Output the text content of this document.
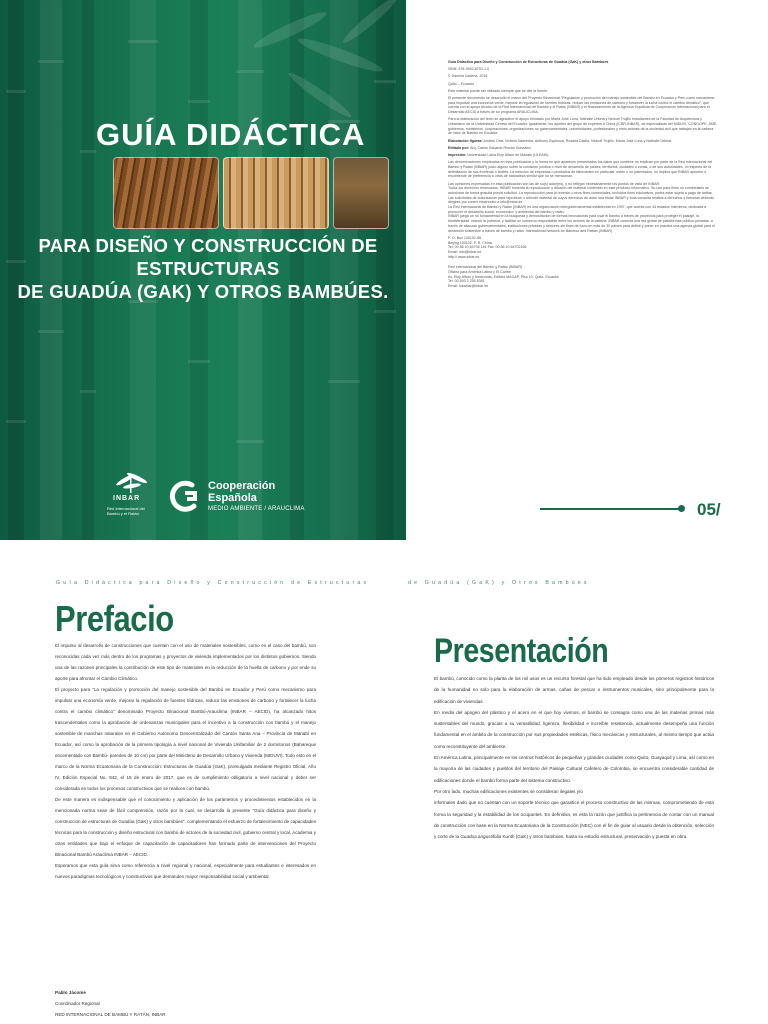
GUÍA DIDÁCTICA
PARA DISEÑO Y CONSTRUCCIÓN DE ESTRUCTURAS
DE GUADÚA (GAK) Y OTROS BAMBÚES.
INBAR
Red Internacional del Bambú y el Ratán
Cooperación
Española
MEDIO AMBIENTE / ARAUCLIMA

Guía Didáctica para Diseño y Construcción de Estructuras de Guadúa (GaK) y otros Bambúes

ISBN: 978-9942-8753-1-0

© Daniela Cadena, 2018

Quito – Ecuador

Este material puede ser utilizado siempre que se cite la fuente.

El presente documento se desarrolló el marco del Proyecto Binacional "Regulación y promoción del manejo sostenible del Bambú en Ecuador y Perú como mecanismo para impulsar una economía verde, mejorar la regulación de fuentes hídricas, reducir las emisiones de carbono y fortalecer la lucha contra el cambio climático", que cuenta con el apoyo técnico de la Red Internacional del Bambú y el Ratán (INBAR) y el financiamiento de la Agencia Española de Cooperación Internacional para el Desarrollo AECID a través de su programa ARAUCLIMA.

Para la elaboración del texto se agradece el apoyo brindado por María José Luna, Nathalie Urbina y Nelcott Trujillo estudiantes de la Facultad de Arquitectura y Urbanismo de la Universidad Central del Ecuador. Igualmente, los aportes del grupo de expertos a China (ICBR-INBAR), de especialistas del MIDUVI, CONGOPE, AME, gobiernos, ministerios, corporaciones, organizaciones no gubernamentales, universidades, profesionales y otros actores de la sociedad civil que trabajan en la cadena de valor de Bambú en Ecuador.

Elaboración figuras: Andrés Orta, Viviana Saavedra, Anthony Espinoza, Rosaria Dávila, Nelcott Trujillo, María José Luna y Nathalie Urbina.

Editado por: Arq. Carlos Eduardo Rincón González

Impresión: Universidad Laica Eloy Alfaro de Manabí (ULEAM).

Las denominaciones empleadas en esta publicación y la forma en que aparecen presentados los datos que contiene no implican por parte de la Red Internacional del Bambú y Ratán (INBAR) juicio alguno sobre la condición jurídica o nivel de desarrollo de países, territorios, ciudades o zonas, o de sus autoridades, ni respecto de la delimitación de sus fronteras o límites. La mención de empresas o productos de fabricantes en particular, estén o no patentados, no implica que INBAR apruebe o recomiende de preferencia a otros de naturaleza similar que no se mencionan.

Las opiniones expresadas en esta publicación son las de su(s) autor(es), y no reflejan necesariamente los puntos de vista de INBAR.

Todos los derechos reservados. INBAR fomenta la reproducción y difusión del material contenido en este producto informativo. Su uso para fines no comerciales se autorizará de forma gratuita previa solicitud. La reproducción para la reventa u otros fines comerciales, incluidos fines educativos, podrá estar sujeta a pago de tarifas. Las solicitudes de autorización para reproducir o difundir material de cuyos derechos de autor sea titular INBAR y toda consulta relativa a derechos y licencias deberán dirigirse por correo electrónico a info@inbar.int

La Red Internacional de Bambú y Ratán (INBAR) es una organización intergubernamental establecida en 1997, que cuenta con 44 estados miembros, dedicada a promover el desarrollo social, económico, y ambiental del bambú y ratán.

INBAR juega un rol fundamental en la búsqueda y demostración de formas innovadoras para usar el bambú a través de proyectos para proteger el paisaje, la biodiversidad, reducir la pobreza, y facilitar un comercio responsable entre los actores de la cadena. INBAR conecta una red global de plataformas público-privadas, a través de alianzas gubernamentales, instituciones privadas y sectores sin fines de lucro en más de 30 países para definir y poner en práctica una agenda global para el desarrollo sostenible a través de bambú y ratán. International Network for Bamboo and Rattan (INBAR)

P. O. Box 100102-86
Beijing 100102, P. R. China
Tel: 00 86 10 64706 161 Fax: 00 86 10 64702166
Email: info@inbar.int
http:// www.inbar.int

Red Internacional del Bambú y Ratán (INBAR)
Oficina para América Latina y El Caribe
Av. Eloy Alfaro y Amazonas, Edificio MAGAP, Piso 10. Quito- Ecuador
Tel: 00 593 2 255 8381
Email: inbarlac@inbar.int

05/
Guía Didáctica para Diseño y Construcción de Estructuras	de Guadúa (GaK) y Otros Bambúes
Prefacio

El impulso al desarrollo de construcciones que cuenten con el uso de materiales sostenibles, como es el caso del bambú, son reconocidas cada vez más dentro de los programas y proyectos de vivienda implementados por los distintos gobiernos. Siendo una de las razones principales la contribución de este tipo de materiales en la reducción de la huella de carbono y por ende su aporte para afrontar el Cambio Climático.

El proyecto para "La regulación y promoción del manejo sostenible del Bambú en Ecuador y Perú como mecanismo para impulsar una economía verde, mejorar la regulación de fuentes hídricas, reducir las emisiones de carbono y fortalecer la lucha contra el cambio climático" denominado Proyecto Binacional Bambú-Arauclima (INBAR – AECID), ha alcanzado hitos trascendentales como la aprobación de ordenanzas municipales para el incentivo a la construcción con bambú y el manejo sostenible de manchas naturales en el Gobierno Autónomo Descentralizado del Cantón Santa Ana – Provincia de Manabí en Ecuador, así como la aprobación de la primera tipología a nivel nacional de Vivienda Unifamiliar de 2 dormitorios (Bahareque encementado con Bambú- paredes de 10 cm) por parte del Ministerio de Desarrollo Urbano y Vivienda (MIDUVI). Todo esto en el marco de la Norma Ecuatoriana de la Construcción: Estructuras de Guadúa (GaK), promulgada mediante Registro Oficial, Año IV, Edición Especial No. 842, el 19 de enero de 2017, que es de cumplimiento obligatorio a nivel nacional y deber ser considerada en todos los procesos constructivos que se realicen con bambú.

De este manera es indispensable que el conocimiento y aplicación de los parámetros y procedimientos establecidos en la mencionada norma sean de fácil comprensión, razón por la cual, se desarrolla la presente "Guía didáctica para diseño y construcción de estructuras de Guadúa (GaK) y otros bambúes", complementando el esfuerzo de fortalecimiento de capacidades técnicas para la construcción y diseño estructural con bambú de actores de la sociedad civil, gobierno central y local, Academia y otras entidades que bajo el enfoque de capacitación de capacitadores han formado parte de intervenciones del Proyecto Binacional Bambú Arauclima INBAR – AECID.

Esperamos que esta guía sirva como referencia a nivel regional y nacional, especialmente para estudiantes e interesados en nuevos paradigmas tecnológicos y constructivos que demanden mayor responsabilidad social y ambiental.

Pablo Jácome
Coordinador Regional
RED INTERNACIONAL DE BAMBÚ Y RATÁN, INBAR
Presentación

El bambú, conocido como la planta de los mil usos es un recurso forestal que ha sido empleado desde los primeros registros históricos de la humanidad no solo para la elaboración de armas, cañas de pescar o instrumentos musicales, sino principalmente para la edificación de viviendas.

En medio del apogeo del plástico y el acero en el que hoy vivimos, el bambú se consagra como una de las materias primas más sustentables del mundo, gracias a su versatilidad, ligereza, flexibilidad e increíble resistencia, actualmente desempeña una función fundamental en el ámbito de la construcción por sus propiedades estéticas, físico mecánicas y estructurales, al mismo tiempo que actúa como reconstituyente del ambiente.

En América Latina, principalmente en los centros históricos de pequeñas y grandes ciudades como Quito, Guayaquil y Lima, así como en la mayoría de las ciudades y pueblos del territorio del Paisaje Cultural Cafetero de Colombia, se encuentra considerable cantidad de edificaciones donde el bambú forma parte del sistema constructivo.

Por otro lado, muchas edificaciones existentes se consideran ilegales y/o

informales dado que no cuentan con un soporte técnico que garantice el proceso constructivo de las mismas, comprometiendo de esta forma la seguridad y la estabilidad de los ocupantes. En definitiva, es esta la razón que justifica la pertinencia de contar con un manual de construcción con base en la Norma Ecuatoriana de la Construcción (NEC) con el fin de guiar al usuario desde la obtención, selección y corte de la Guadua angustifolia Kunth (GaK) y otros bambúes, hasta su estudio estructural, preservación y puesta en obra.
